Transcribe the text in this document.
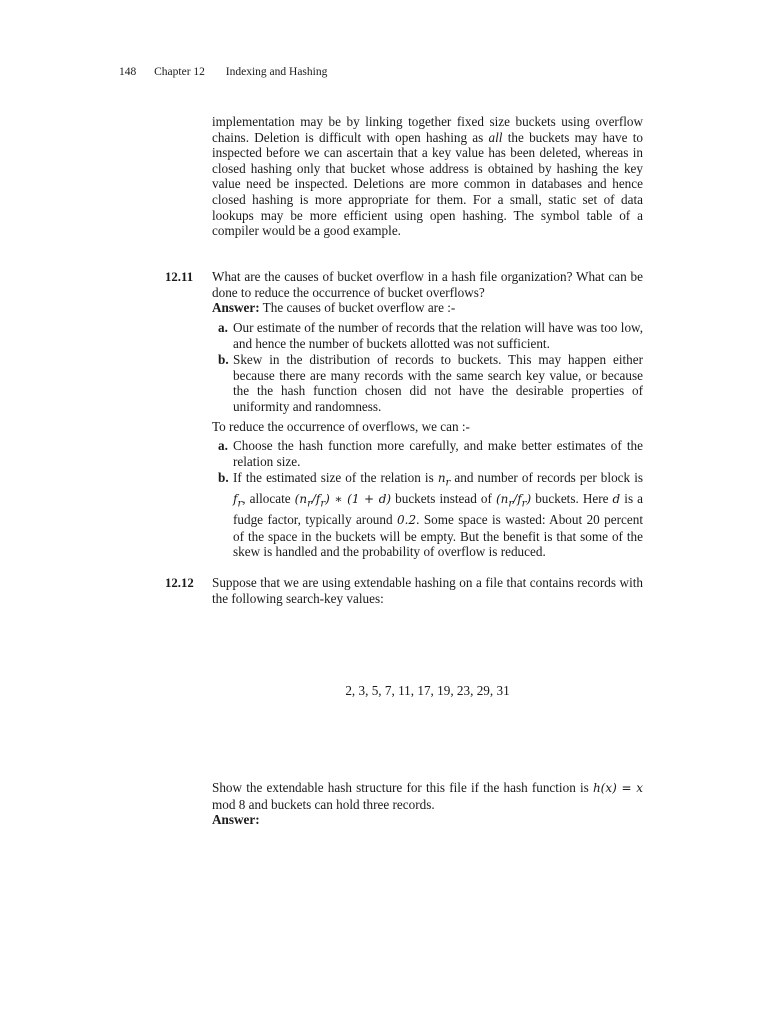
148 Chapter 12 Indexing and Hashing
implementation may be by linking together fixed size buckets using overflow chains. Deletion is difficult with open hashing as all the buckets may have to inspected before we can ascertain that a key value has been deleted, whereas in closed hashing only that bucket whose address is obtained by hashing the key value need be inspected. Deletions are more common in databases and hence closed hashing is more appropriate for them. For a small, static set of data lookups may be more efficient using open hashing. The symbol table of a compiler would be a good example.
12.11 What are the causes of bucket overflow in a hash file organization? What can be done to reduce the occurrence of bucket overflows?
Answer: The causes of bucket overflow are :-
a. Our estimate of the number of records that the relation will have was too low, and hence the number of buckets allotted was not sufficient.
b. Skew in the distribution of records to buckets. This may happen either because there are many records with the same search key value, or because the the hash function chosen did not have the desirable properties of uniformity and randomness.
To reduce the occurrence of overflows, we can :-
a. Choose the hash function more carefully, and make better estimates of the relation size.
b. If the estimated size of the relation is $n_r$ and number of records per block is $f_r$, allocate $(n_r/f_r)$ ∗ (1 + d) buckets instead of $(n_r/f_r)$ buckets. Here d is a fudge factor, typically around 0.2. Some space is wasted: About 20 percent of the space in the buckets will be empty. But the benefit is that some of the skew is handled and the probability of overflow is reduced.
12.12 Suppose that we are using extendable hashing on a file that contains records with the following search-key values:
2, 3, 5, 7, 11, 17, 19, 23, 29, 31
Show the extendable hash structure for this file if the hash function is h(x) = x mod 8 and buckets can hold three records.
Answer:
